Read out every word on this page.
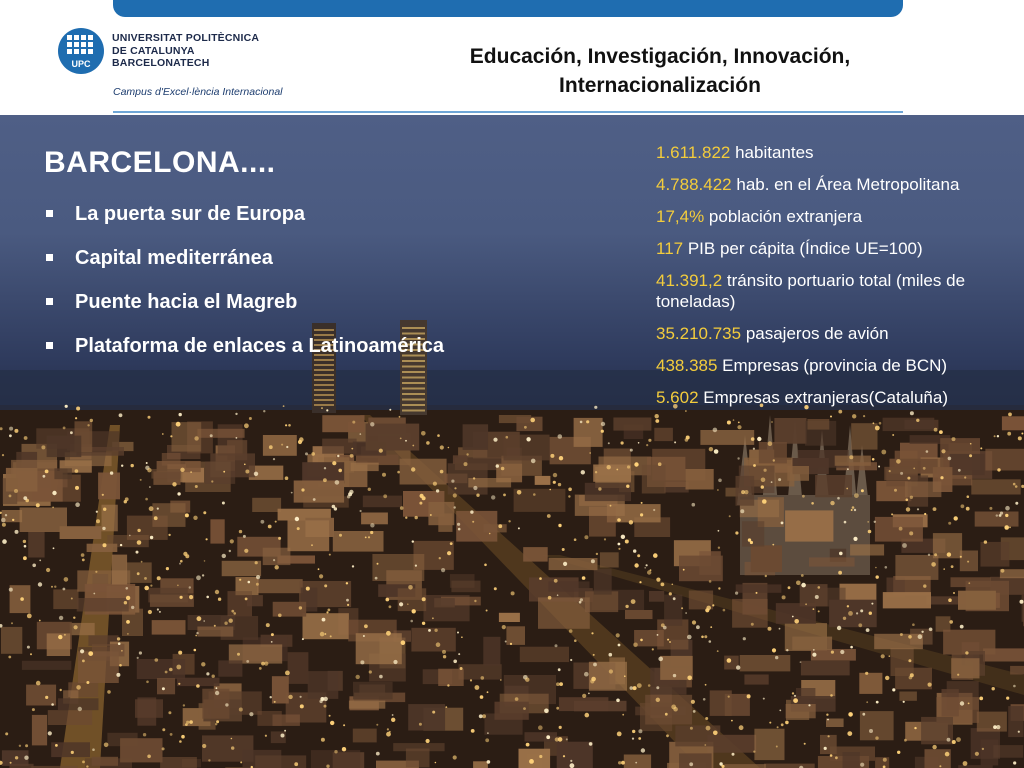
UPC
UNIVERSITAT POLITÈCNICA
DE CATALUNYA
BARCELONATECH
Campus d'Excel·lència Internacional
Educación, Investigación, Innovación,
Internacionalización
BARCELONA....
La puerta sur de Europa
Capital mediterránea
Puente hacia el Magreb
Plataforma de enlaces a Latinoamérica
1.611.822 habitantes
4.788.422 hab. en el Área Metropolitana
17,4% población extranjera
117 PIB per cápita (Índice UE=100)
41.391,2 tránsito portuario total (miles de toneladas)
35.210.735 pasajeros de avión
438.385 Empresas (provincia de BCN)
5.602 Empresas extranjeras(Cataluña)
